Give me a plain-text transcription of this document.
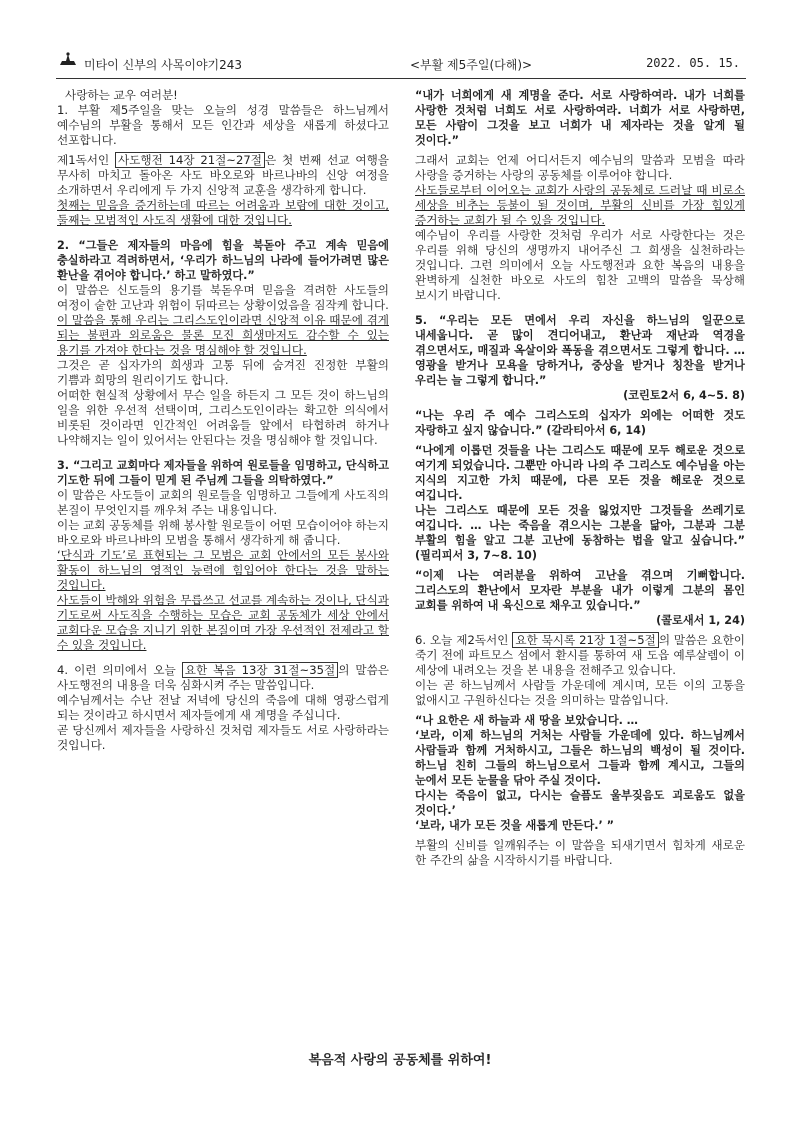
미타이 신부의 사목이야기243	<부활 제5주일(다해)>	2022. 05. 15.

사랑하는 교우 여러분!

1. 부활 제5주일을 맞는 오늘의 성경 말씀들은 하느님께서 예수님의 부활을 통해서 모든 인간과 세상을 새롭게 하셨다고 선포합니다.

제1독서인 사도행전 14장 21절~27절 은 첫 번째 선교 여행을 무사히 마치고 돌아온 사도 바오로와 바르나바의 신앙 여정을 소개하면서 우리에게 두 가지 신앙적 교훈을 생각하게 합니다.

첫째는 믿음을 증거하는데 따르는 어려움과 보람에 대한 것이고, 둘째는 모범적인 사도직 생활에 대한 것입니다.

2. “그들은 제자들의 마음에 힘을 북돋아 주고 계속 믿음에 충실하라고 격려하면서, ‘우리가 하느님의 나라에 들어가려면 많은 환난을 겪어야 합니다.’ 하고 말하였다.”

이 말씀은 신도들의 용기를 북돋우며 믿음을 격려한 사도들의 여정이 숱한 고난과 위험이 뒤따르는 상황이었음을 짐작케 합니다.

이 말씀을 통해 우리는 그리스도인이라면 신앙적 이유 때문에 겪게 되는 불편과 외로움은 물론 모진 희생마저도 감수할 수 있는 용기를 가져야 한다는 것을 명심해야 할 것입니다.

그것은 곧 십자가의 희생과 고통 뒤에 숨겨진 진정한 부활의 기쁨과 희망의 원리이기도 합니다.

어떠한 현실적 상황에서 무슨 일을 하든지 그 모든 것이 하느님의 일을 위한 우선적 선택이며, 그리스도인이라는 확고한 의식에서 비롯된 것이라면 인간적인 어려움들 앞에서 타협하려 하거나 나약해지는 일이 있어서는 안된다는 것을 명심해야 할 것입니다.

3. “그리고 교회마다 제자들을 위하여 원로들을 임명하고, 단식하고 기도한 뒤에 그들이 믿게 된 주님께 그들을 의탁하였다.”

이 말씀은 사도들이 교회의 원로들을 임명하고 그들에게 사도직의 본질이 무엇인지를 깨우쳐 주는 내용입니다.

이는 교회 공동체를 위해 봉사할 원로들이 어떤 모습이어야 하는지 바오로와 바르나바의 모범을 통해서 생각하게 해 줍니다.

‘단식과 기도’로 표현되는 그 모범은 교회 안에서의 모든 봉사와 활동이 하느님의 영적인 능력에 힘입어야 한다는 것을 말하는 것입니다.

사도들이 박해와 위험을 무릅쓰고 선교를 계속하는 것이나, 단식과 기도로써 사도직을 수행하는 모습은 교회 공동체가 세상 안에서 교회다운 모습을 지니기 위한 본질이며 가장 우선적인 전제라고 할 수 있을 것입니다.

4. 이런 의미에서 오늘 요한 복음 13장 31절~35절 의 말씀은 사도행전의 내용을 더욱 심화시켜 주는 말씀입니다.

예수님께서는 수난 전날 저녁에 당신의 죽음에 대해 영광스럽게 되는 것이라고 하시면서 제자들에게 새 계명을 주십니다.

곧 당신께서 제자들을 사랑하신 것처럼 제자들도 서로 사랑하라는 것입니다.

“내가 너희에게 새 계명을 준다. 서로 사랑하여라. 내가 너희를 사랑한 것처럼 너희도 서로 사랑하여라. 너희가 서로 사랑하면, 모든 사람이 그것을 보고 너희가 내 제자라는 것을 알게 될 것이다.”

그래서 교회는 언제 어디서든지 예수님의 말씀과 모범을 따라 사랑을 증거하는 사랑의 공동체를 이루어야 합니다.

사도들로부터 이어오는 교회가 사랑의 공동체로 드러날 때 비로소 세상을 비추는 등불이 될 것이며, 부활의 신비를 가장 힘있게 증거하는 교회가 될 수 있을 것입니다.

예수님이 우리를 사랑한 것처럼 우리가 서로 사랑한다는 것은 우리를 위해 당신의 생명까지 내어주신 그 희생을 실천하라는 것입니다. 그런 의미에서 오늘 사도행전과 요한 복음의 내용을 완벽하게 실천한 바오로 사도의 힘찬 고백의 말씀을 묵상해 보시기 바랍니다.

5. “우리는 모든 면에서 우리 자신을 하느님의 일꾼으로 내세웁니다. 곧 많이 견디어내고, 환난과 재난과 역경을 겪으면서도, 매질과 옥살이와 폭동을 겪으면서도 그렇게 합니다. … 영광을 받거나 모욕을 당하거나, 중상을 받거나 칭찬을 받거나 우리는 늘 그렇게 합니다.”

(코린토2서 6, 4~5. 8)

“나는 우리 주 예수 그리스도의 십자가 외에는 어떠한 것도 자랑하고 싶지 않습니다.” (갈라티아서 6, 14)

“나에게 이롭던 것들을 나는 그리스도 때문에 모두 해로운 것으로 여기게 되었습니다. 그뿐만 아니라 나의 주 그리스도 예수님을 아는 지식의 지고한 가치 때문에, 다른 모든 것을 해로운 것으로 여깁니다.

나는 그리스도 때문에 모든 것을 잃었지만 그것들을 쓰레기로 여깁니다. … 나는 죽음을 겪으시는 그분을 닮아, 그분과 그분 부활의 힘을 알고 그분 고난에 동참하는 법을 알고 싶습니다.” (필리피서 3, 7~8. 10)

“이제 나는 여러분을 위하여 고난을 겪으며 기뻐합니다. 그리스도의 환난에서 모자란 부분을 내가 이렇게 그분의 몸인 교회를 위하여 내 육신으로 채우고 있습니다.”

(콜로새서 1, 24)

6. 오늘 제2독서인 요한 묵시록 21장 1절~5절 의 말씀은 요한이 죽기 전에 파트모스 섬에서 환시를 통하여 새 도읍 예루살렘이 이 세상에 내려오는 것을 본 내용을 전해주고 있습니다.

이는 곧 하느님께서 사람들 가운데에 계시며, 모든 이의 고통을 없애시고 구원하신다는 것을 의미하는 말씀입니다.

“나 요한은 새 하늘과 새 땅을 보았습니다. …

‘보라, 이제 하느님의 거처는 사람들 가운데에 있다. 하느님께서 사람들과 함께 거처하시고, 그들은 하느님의 백성이 될 것이다. 하느님 친히 그들의 하느님으로서 그들과 함께 계시고, 그들의 눈에서 모든 눈물을 닦아 주실 것이다.

다시는 죽음이 없고, 다시는 슬픔도 울부짖음도 괴로움도 없을 것이다.’

‘보라, 내가 모든 것을 새롭게 만든다.’ ”

부활의 신비를 일깨워주는 이 말씀을 되새기면서 힘차게 새로운 한 주간의 삶을 시작하시기를 바랍니다.

복음적 사랑의 공동체를 위하여!
